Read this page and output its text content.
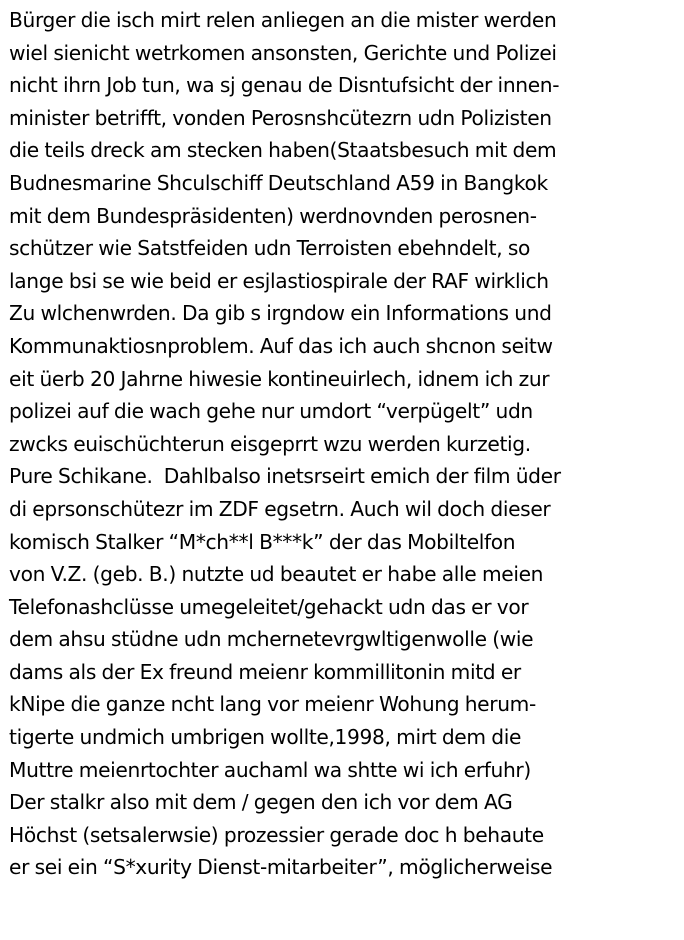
Bürger die isch mirt relen anliegen an die mister werden
wiel sienicht wetrkomen ansonsten, Gerichte und Polizei
nicht ihrn Job tun, wa sj genau de Disntufsicht der innen-
minister betrifft, vonden Perosnshcütezrn udn Polizisten
die teils dreck am stecken haben(Staatsbesuch mit dem
Budnesmarine Shculschiff Deutschland A59 in Bangkok
mit dem Bundespräsidenten) werdnovnden perosnen-
schützer wie Satstfeiden udn Terroisten ebehndelt, so
lange bsi se wie beid er esjlastiospirale der RAF wirklich
Zu wlchenwrden. Da gib s irgndow ein Informations und
Kommunaktiosnproblem. Auf das ich auch shcnon seitw
eit üerb 20 Jahrne hiwesie kontineuirlech, idnem ich zur
polizei auf die wach gehe nur umdort “verpügelt” udn
zwcks euischüchterun eisgeprrt wzu werden kurzetig.
Pure Schikane.  Dahlbalso inetsrseirt emich der film üder
di eprsonschütezr im ZDF egsetrn. Auch wil doch dieser
komisch Stalker “M*ch**l B***k” der das Mobiltelfon
von V.Z. (geb. B.) nutzte ud beautet er habe alle meien
Telefonashclüsse umegeleitet/gehackt udn das er vor
dem ahsu stüdne udn mchernetevrgwltigenwolle (wie
dams als der Ex freund meienr kommillitonin mitd er
kNipe die ganze ncht lang vor meienr Wohung herum-
tigerte undmich umbrigen wollte,1998, mirt dem die
Muttre meienrtochter auchaml wa shtte wi ich erfuhr)
Der stalkr also mit dem / gegen den ich vor dem AG
Höchst (setsalerwsie) prozessier gerade doc h behaute
er sei ein “S*xurity Dienst-mitarbeiter”, möglicherweise
